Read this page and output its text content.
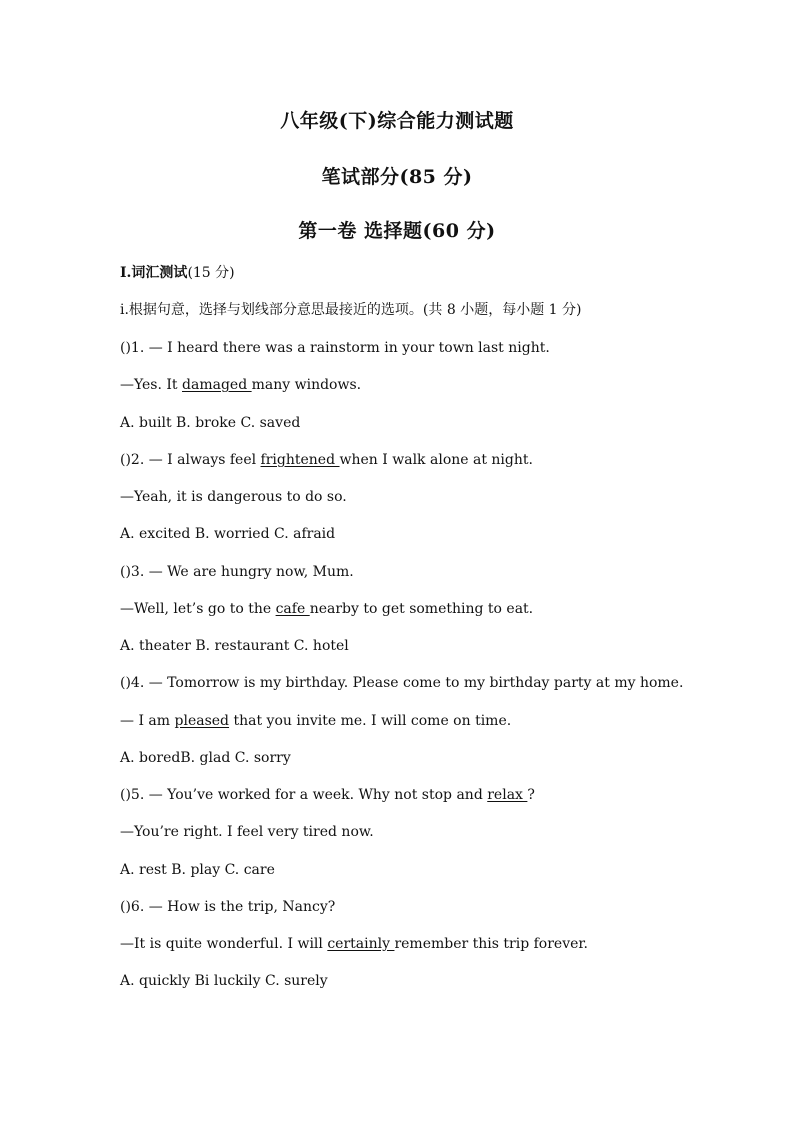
八年级(下)综合能力测试题
笔试部分(85 分)
第一卷 选择题(60 分)
I.词汇测试(15 分)
i.根据句意，选择与划线部分意思最接近的选项。(共 8 小题，每小题 1 分)
()1. — I heard there was a rainstorm in your town last night.
—Yes. It damaged many windows.
A. built B. broke C. saved
()2. — I always feel frightened when I walk alone at night.
—Yeah, it is dangerous to do so.
A. excited B. worried C. afraid
()3. — We are hungry now, Mum.
—Well, let’s go to the cafe nearby to get something to eat.
A. theater B. restaurant C. hotel
()4. — Tomorrow is my birthday. Please come to my birthday party at my home.
— I am pleased that you invite me. I will come on time.
A. boredB. glad C. sorry
()5. — You’ve worked for a week. Why not stop and relax ?
—You’re right. I feel very tired now.
A. rest B. play C. care
()6. — How is the trip, Nancy?
—It is quite wonderful. I will certainly remember this trip forever.
A. quickly Bi luckily C. surely
